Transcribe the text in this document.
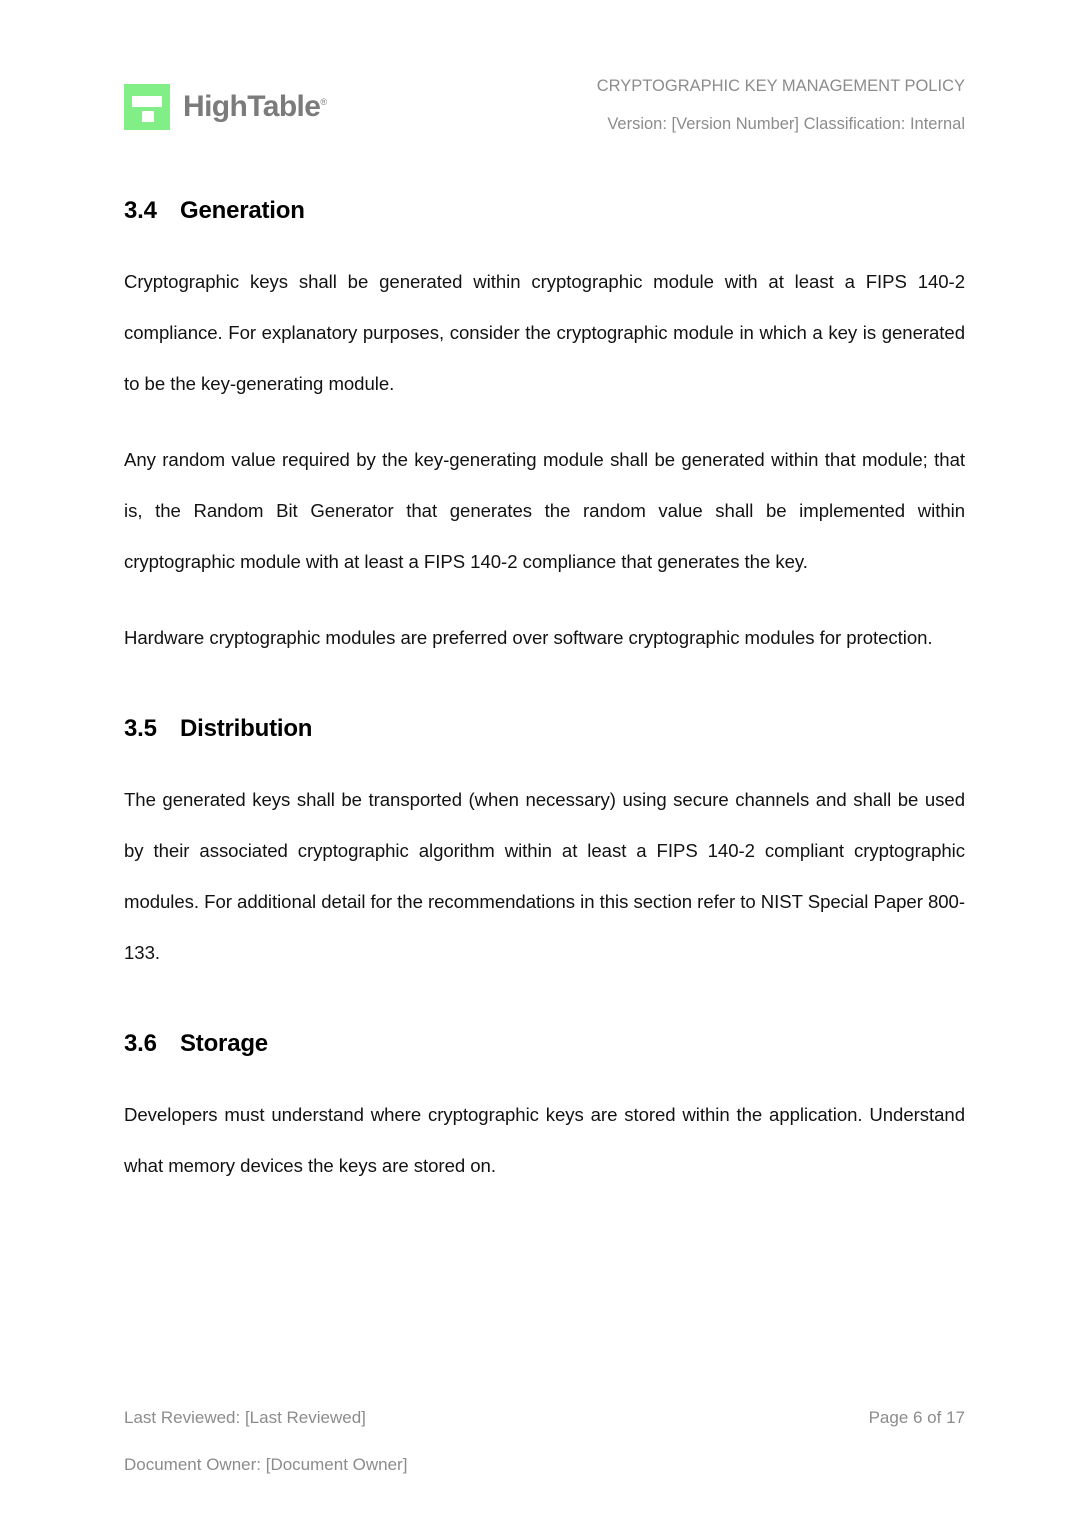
HighTable®
CRYPTOGRAPHIC KEY MANAGEMENT POLICY
Version: [Version Number] Classification: Internal
3.4 Generation

Cryptographic keys shall be generated within cryptographic module with at least a FIPS 140-2 compliance. For explanatory purposes, consider the cryptographic module in which a key is generated to be the key-generating module.

Any random value required by the key-generating module shall be generated within that module; that is, the Random Bit Generator that generates the random value shall be implemented within cryptographic module with at least a FIPS 140-2 compliance that generates the key.

Hardware cryptographic modules are preferred over software cryptographic modules for protection.

3.5 Distribution

The generated keys shall be transported (when necessary) using secure channels and shall be used by their associated cryptographic algorithm within at least a FIPS 140-2 compliant cryptographic modules. For additional detail for the recommendations in this section refer to NIST Special Paper 800-133.

3.6 Storage

Developers must understand where cryptographic keys are stored within the application. Understand what memory devices the keys are stored on.

Last Reviewed: [Last Reviewed]	Page 6 of 17
Document Owner: [Document Owner]
